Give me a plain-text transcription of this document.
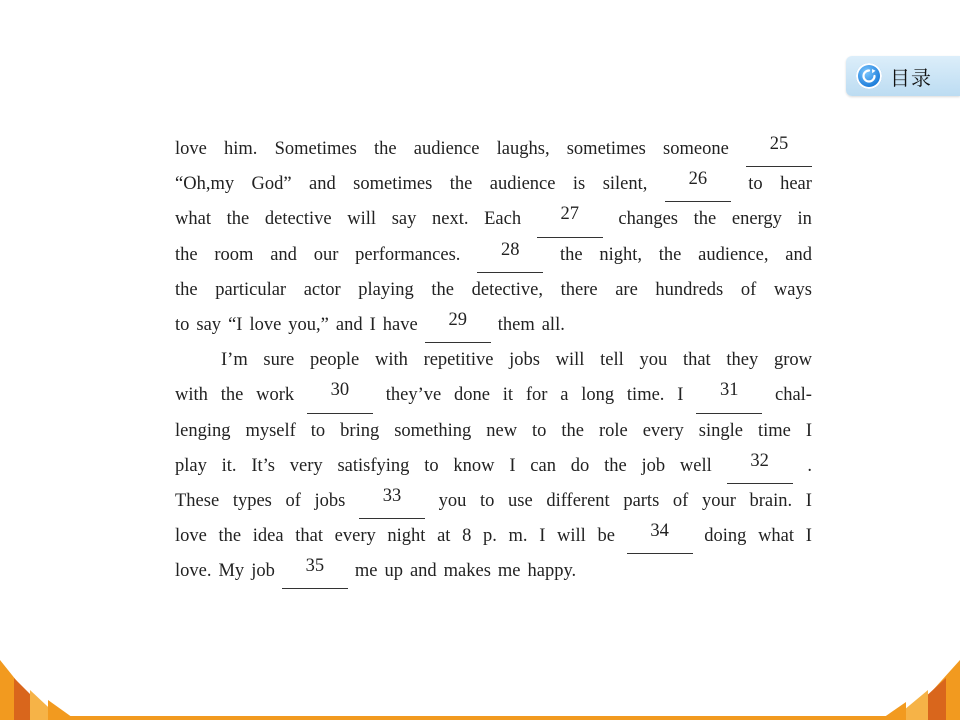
目录
love him. Sometimes the audience laughs, sometimes someone	25
“Oh,my God” and sometimes the audience is silent,	26	to hear
what the detective will say next. Each	27	changes the energy in
the room and our performances.	28	the night, the audience, and
the particular actor playing the detective, there are hundreds of ways
to say “I love you,” and I have	29	them all.
I’m sure people with repetitive jobs will tell you that they grow
with the work	30	they’ve done it for a long time. I	31	chal-
lenging myself to bring something new to the role every single time I
play it. It’s very satisfying to know I can do the job well	32	.
These types of jobs	33	you to use different parts of your brain. I
love the idea that every night at 8 p. m. I will be	34	doing what I
love. My job	35	me up and makes me happy.
